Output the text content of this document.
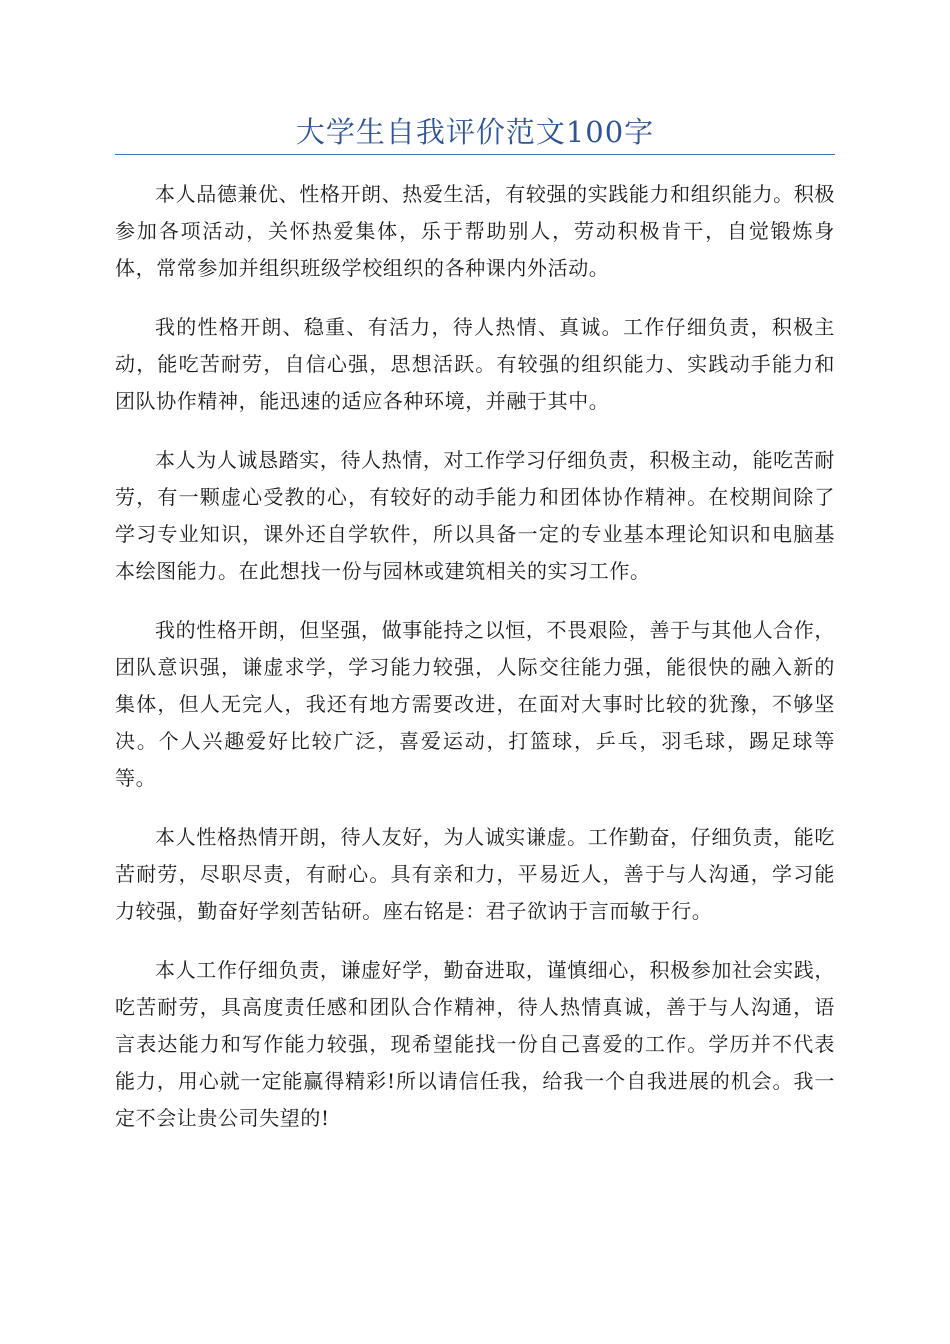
大学生自我评价范文100字

本人品德兼优、性格开朗、热爱生活，有较强的实践能力和组织能力。积极参加各项活动，关怀热爱集体，乐于帮助别人，劳动积极肯干，自觉锻炼身体，常常参加并组织班级学校组织的各种课内外活动。

我的性格开朗、稳重、有活力，待人热情、真诚。工作仔细负责，积极主动，能吃苦耐劳，自信心强，思想活跃。有较强的组织能力、实践动手能力和团队协作精神，能迅速的适应各种环境，并融于其中。

本人为人诚恳踏实，待人热情，对工作学习仔细负责，积极主动，能吃苦耐劳，有一颗虚心受教的心，有较好的动手能力和团体协作精神。在校期间除了学习专业知识，课外还自学软件，所以具备一定的专业基本理论知识和电脑基本绘图能力。在此想找一份与园林或建筑相关的实习工作。

我的性格开朗，但坚强，做事能持之以恒，不畏艰险，善于与其他人合作，团队意识强，谦虚求学，学习能力较强，人际交往能力强，能很快的融入新的集体，但人无完人，我还有地方需要改进，在面对大事时比较的犹豫，不够坚决。个人兴趣爱好比较广泛，喜爱运动，打篮球，乒乓，羽毛球，踢足球等等。

本人性格热情开朗，待人友好，为人诚实谦虚。工作勤奋，仔细负责，能吃苦耐劳，尽职尽责，有耐心。具有亲和力，平易近人，善于与人沟通，学习能力较强，勤奋好学刻苦钻研。座右铭是：君子欲讷于言而敏于行。

本人工作仔细负责，谦虚好学，勤奋进取，谨慎细心，积极参加社会实践，吃苦耐劳，具高度责任感和团队合作精神，待人热情真诚，善于与人沟通，语言表达能力和写作能力较强，现希望能找一份自己喜爱的工作。学历并不代表能力，用心就一定能赢得精彩!所以请信任我，给我一个自我进展的机会。我一定不会让贵公司失望的!
